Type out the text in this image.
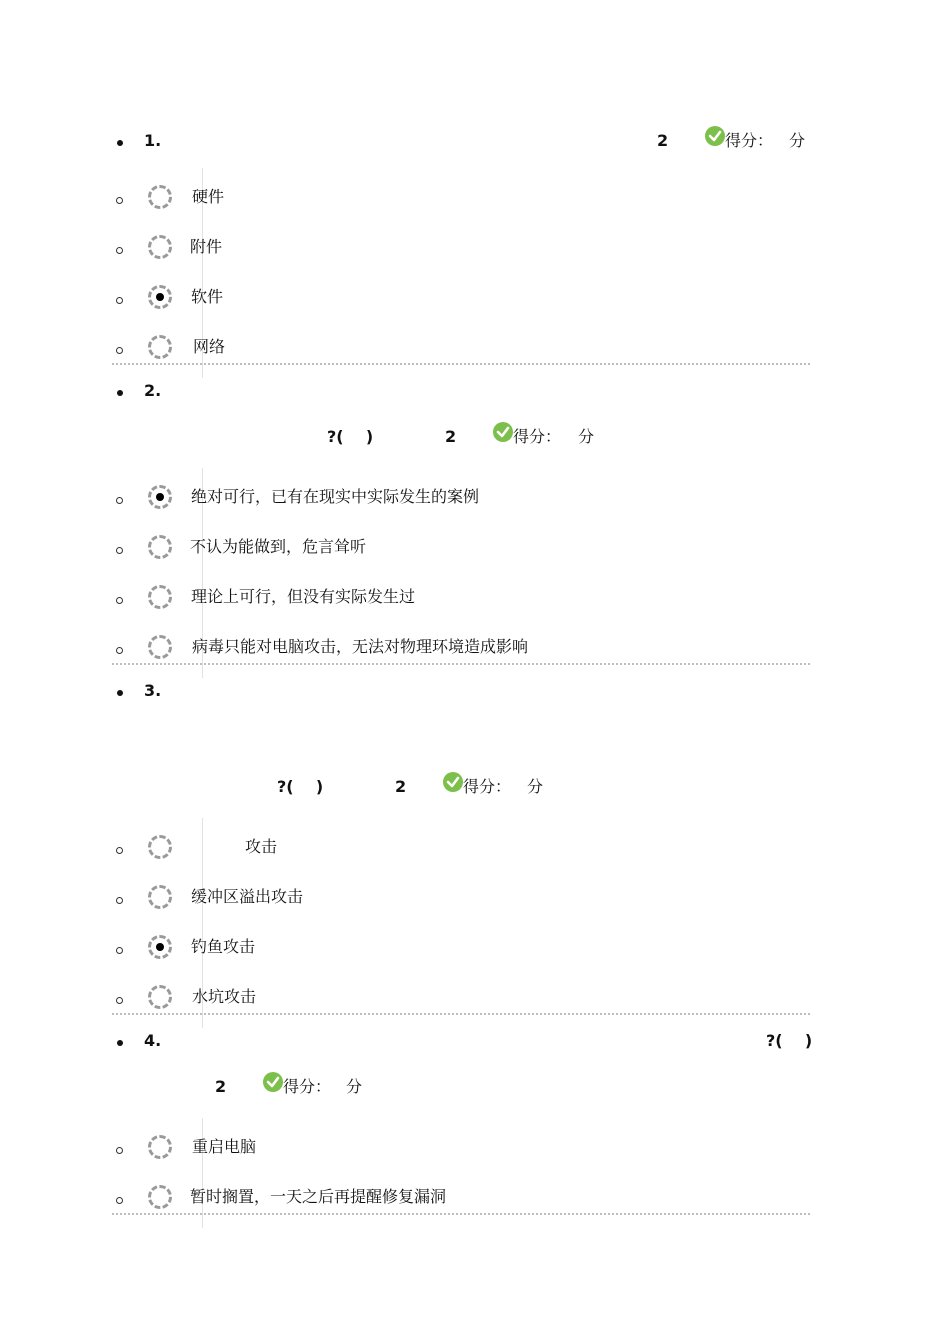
1.	2	得分： 分
硬件
附件
软件
网络
2.
?(    )	2	得分： 分
绝对可行，已有在现实中实际发生的案例
不认为能做到，危言耸听
理论上可行，但没有实际发生过
病毒只能对电脑攻击，无法对物理环境造成影响
3.
?(    )	2	得分： 分
攻击
缓冲区溢出攻击
钓鱼攻击
水坑攻击
4.	?(    )
2	得分： 分
重启电脑
暂时搁置，一天之后再提醒修复漏洞
